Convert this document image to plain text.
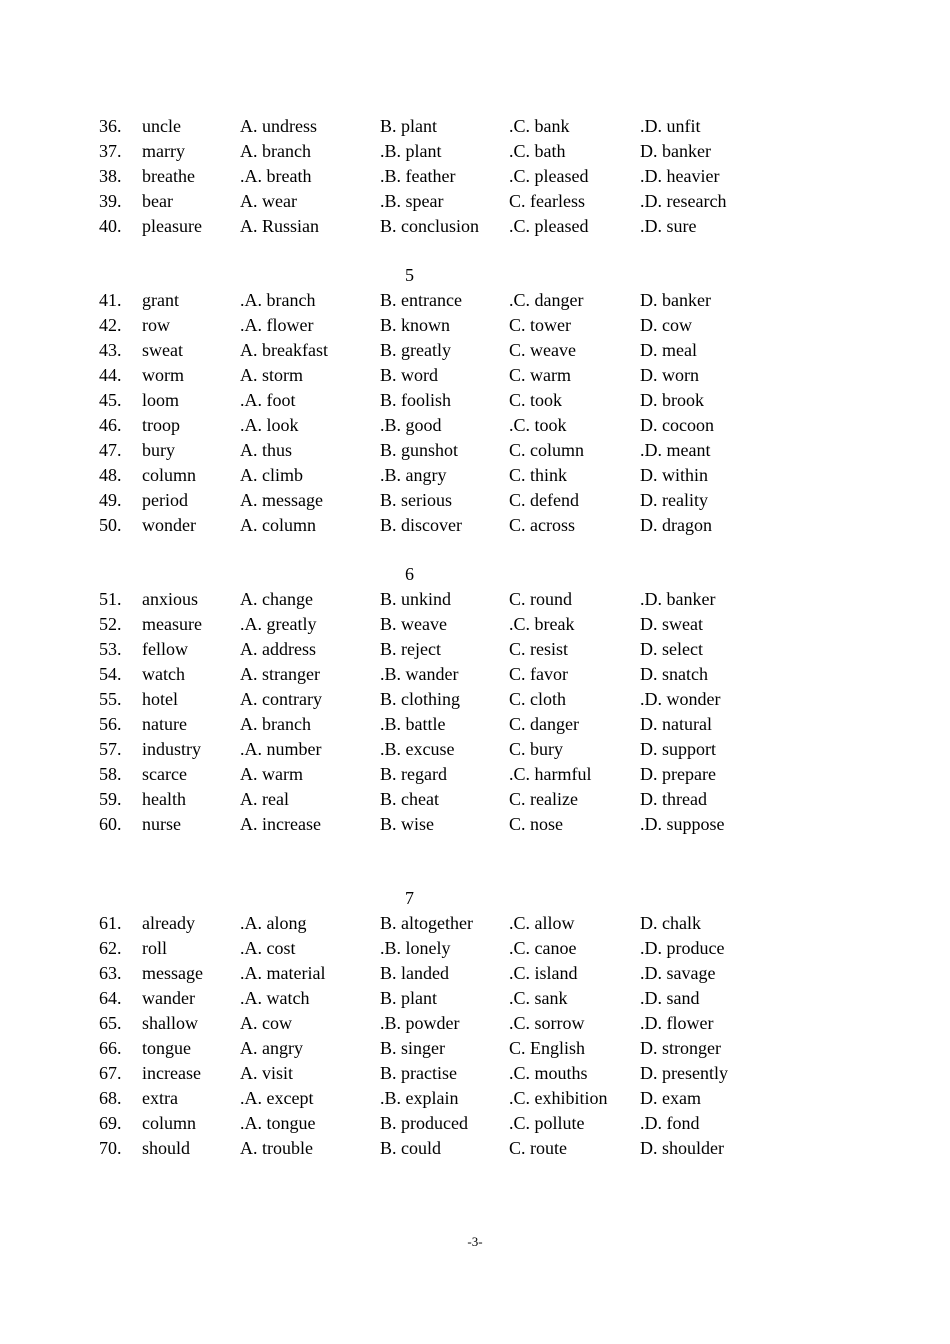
36. uncle	A. undress	B. plant	.C. bank	.D. unfit
37. marry	A. branch	.B. plant	.C. bath	D. banker
38. breathe	.A. breath	.B. feather	.C. pleased	.D. heavier
39. bear	A. wear	.B. spear	C. fearless	.D. research
40. pleasure A. Russian	B. conclusion .C. pleased	.D. sure
5
41. grant	.A. branch	B. entrance	.C. danger	D. banker
42. row	.A. flower	B. known	C. tower	D. cow
43. sweat	A. breakfast	B. greatly	C. weave	D. meal
44. worm	A. storm	B. word	C. warm	D. worn
45. loom	.A. foot	B. foolish	C. took	D. brook
46. troop	.A. look	.B. good	.C. took	D. cocoon
47. bury	A. thus	B. gunshot	C. column	.D. meant
48. column A. climb	.B. angry	C. think	D. within
49. period	A. message	B. serious	C. defend	D. reality
50. wonder A. column	B. discover	C. across	D. dragon
6
51. anxious A. change	B. unkind	C. round	.D. banker
52. measure .A. greatly	B. weave	.C. break	D. sweat
53. fellow	A. address	B. reject	C. resist	D. select
54. watch	A. stranger	.B. wander	C. favor	D. snatch
55. hotel	A. contrary	B. clothing	C. cloth	.D. wonder
56. nature	A. branch	.B. battle	C. danger	D. natural
57. industry .A. number	.B. excuse	C. bury	D. support
58. scarce	A. warm	B. regard	.C. harmful	D. prepare
59. health	A. real	B. cheat	C. realize	D. thread
60. nurse	A. increase	B. wise	C. nose	.D. suppose
7
61. already	.A. along	B. altogether .C. allow	D. chalk
62. roll	.A. cost	.B. lonely	.C. canoe	.D. produce
63. message .A. material	B. landed	.C. island	.D. savage
64. wander	.A. watch	B. plant	.C. sank	.D. sand
65. shallow A. cow	.B. powder	.C. sorrow	.D. flower
66. tongue	A. angry	B. singer	C. English	D. stronger
67. increase A. visit	B. practise	.C. mouths	D. presently
68. extra	.A. except	.B. explain	.C. exhibition D. exam
69. column .A. tongue	B. produced .C. pollute	.D. fond
70. should	A. trouble	B. could	C. route	D. shoulder
-3-
